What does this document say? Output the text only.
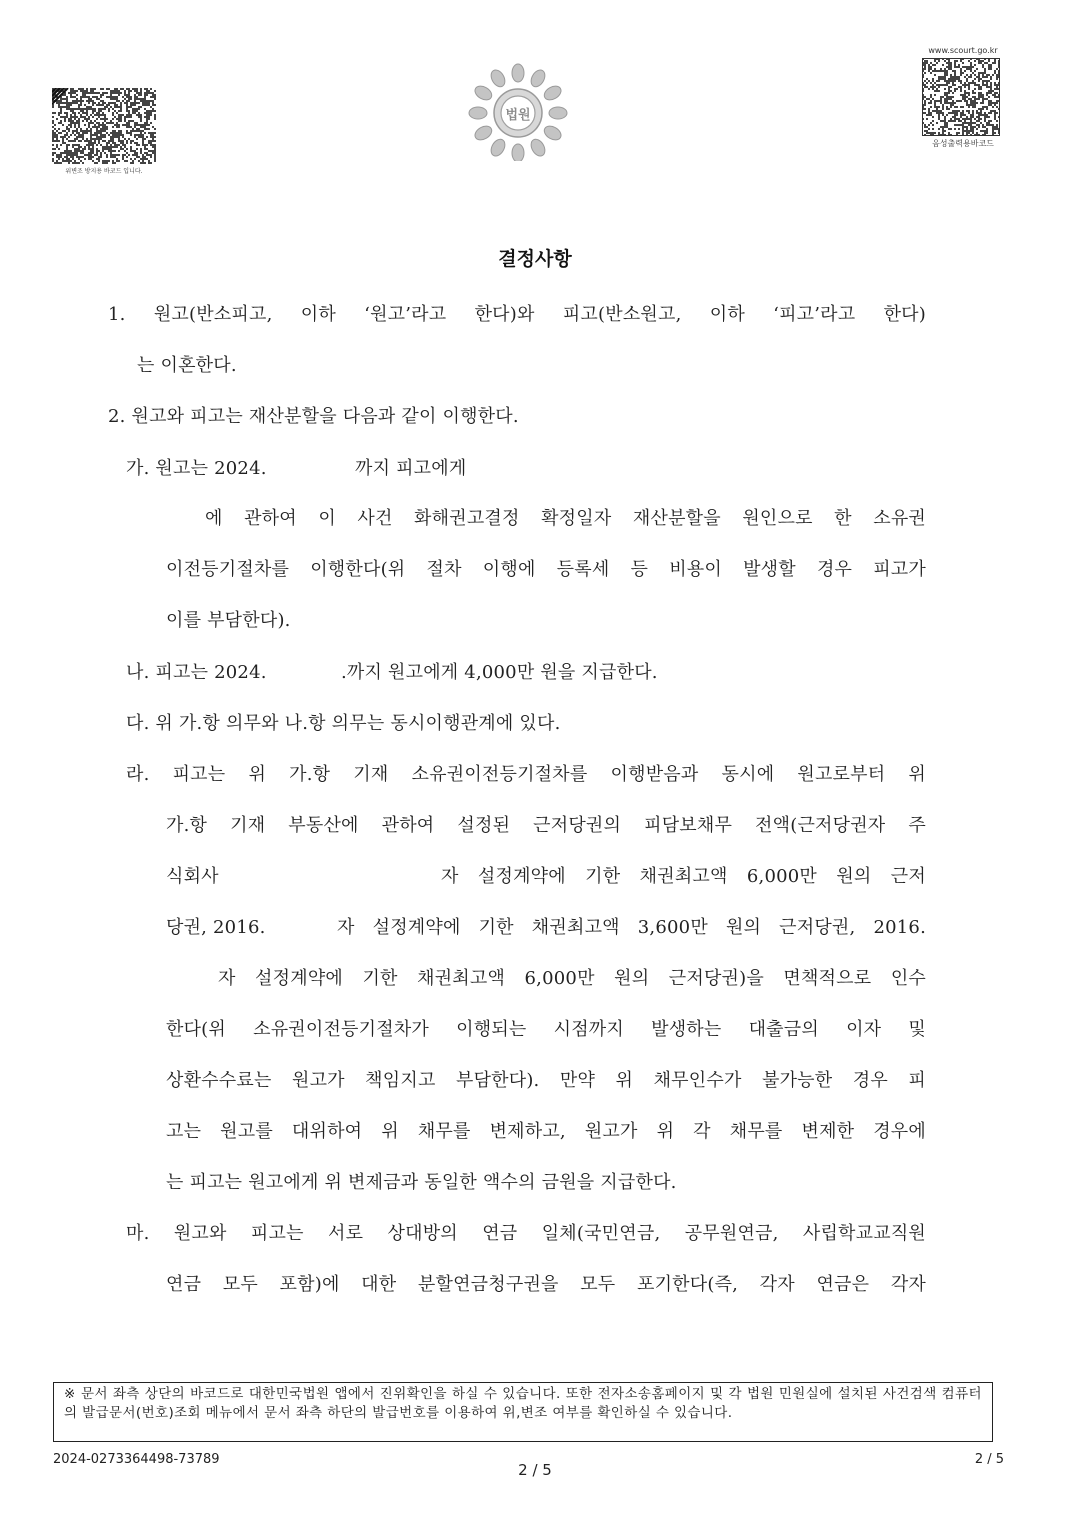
위변조 방지용 바코드 입니다.
법원
www.scourt.go.kr
음성출력용바코드
결정사항
1. 원고(반소피고, 이하 ‘원고’라고 한다)와 피고(반소원고, 이하 ‘피고’라고 한다)
는 이혼한다.
2. 원고와 피고는 재산분할을 다음과 같이 이행한다.
가. 원고는 2024.	까지 피고에게
에 관하여 이 사건 화해권고결정 확정일자 재산분할을 원인으로 한 소유권
이전등기절차를 이행한다(위 절차 이행에 등록세 등 비용이 발생할 경우 피고가
이를 부담한다).
나. 피고는 2024.	.까지 원고에게 4,000만 원을 지급한다.
다. 위 가.항 의무와 나.항 의무는 동시이행관계에 있다.
라. 피고는 위 가.항 기재 소유권이전등기절차를 이행받음과 동시에 원고로부터 위
가.항 기재 부동산에 관하여 설정된 근저당권의 피담보채무 전액(근저당권자 주
식회사	자 설정계약에 기한 채권최고액 6,000만 원의 근저
당권, 2016.	자 설정계약에 기한 채권최고액 3,600만 원의 근저당권, 2016.
자 설정계약에 기한 채권최고액 6,000만 원의 근저당권)을 면책적으로 인수
한다(위 소유권이전등기절차가 이행되는 시점까지 발생하는 대출금의 이자 및
상환수수료는 원고가 책임지고 부담한다). 만약 위 채무인수가 불가능한 경우 피
고는 원고를 대위하여 위 채무를 변제하고, 원고가 위 각 채무를 변제한 경우에
는 피고는 원고에게 위 변제금과 동일한 액수의 금원을 지급한다.
마. 원고와 피고는 서로 상대방의 연금 일체(국민연금, 공무원연금, 사립학교교직원
연금 모두 포함)에 대한 분할연금청구권을 모두 포기한다(즉, 각자 연금은 각자
※ 문서 좌측 상단의 바코드로 대한민국법원 앱에서 진위확인을 하실 수 있습니다. 또한 전자소송홈페이지 및 각 법원 민원실에 설치된 사건검색 컴퓨터의 발급문서(번호)조회 메뉴에서 문서 좌측 하단의 발급번호를 이용하여 위,변조 여부를 확인하실 수 있습니다.
2024-0273364498-73789
2 / 5
2 / 5
